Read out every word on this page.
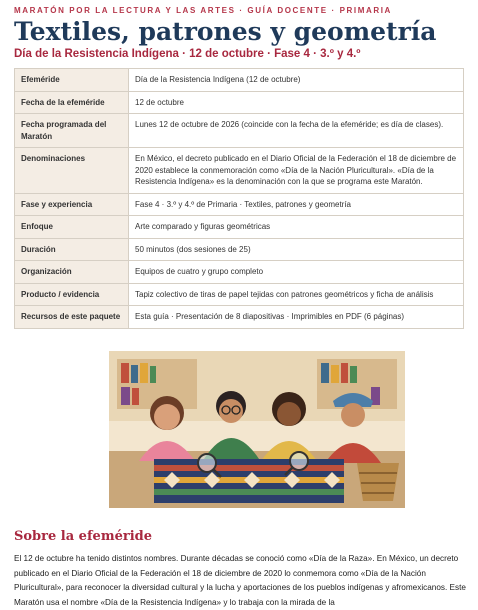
MARATÓN POR LA LECTURA Y LAS ARTES · GUÍA DOCENTE · PRIMARIA
Textiles, patrones y geometría
Día de la Resistencia Indígena · 12 de octubre · Fase 4 · 3.º y 4.º
Efeméride	Día de la Resistencia Indígena (12 de octubre)
Fecha de la efeméride	12 de octubre
Fecha programada del Maratón	Lunes 12 de octubre de 2026 (coincide con la fecha de la efeméride; es día de clases).
Denominaciones	En México, el decreto publicado en el Diario Oficial de la Federación el 18 de diciembre de 2020 establece la conmemoración como «Día de la Nación Pluricultural». «Día de la Resistencia Indígena» es la denominación con la que se programa este Maratón.
Fase y experiencia	Fase 4 · 3.º y 4.º de Primaria · Textiles, patrones y geometría
Enfoque	Arte comparado y figuras geométricas
Duración	50 minutos (dos sesiones de 25)
Organización	Equipos de cuatro y grupo completo
Producto / evidencia	Tapiz colectivo de tiras de papel tejidas con patrones geométricos y ficha de análisis
Recursos de este paquete	Esta guía · Presentación de 8 diapositivas · Imprimibles en PDF (6 páginas)
Sobre la efeméride
El 12 de octubre ha tenido distintos nombres. Durante décadas se conoció como «Día de la Raza». En México, un decreto publicado en el Diario Oficial de la Federación el 18 de diciembre de 2020 lo conmemora como «Día de la Nación Pluricultural», para reconocer la diversidad cultural y la lucha y aportaciones de los pueblos indígenas y afromexicanos. Este Maratón usa el nombre «Día de la Resistencia Indígena» y lo trabaja con la mirada de la
